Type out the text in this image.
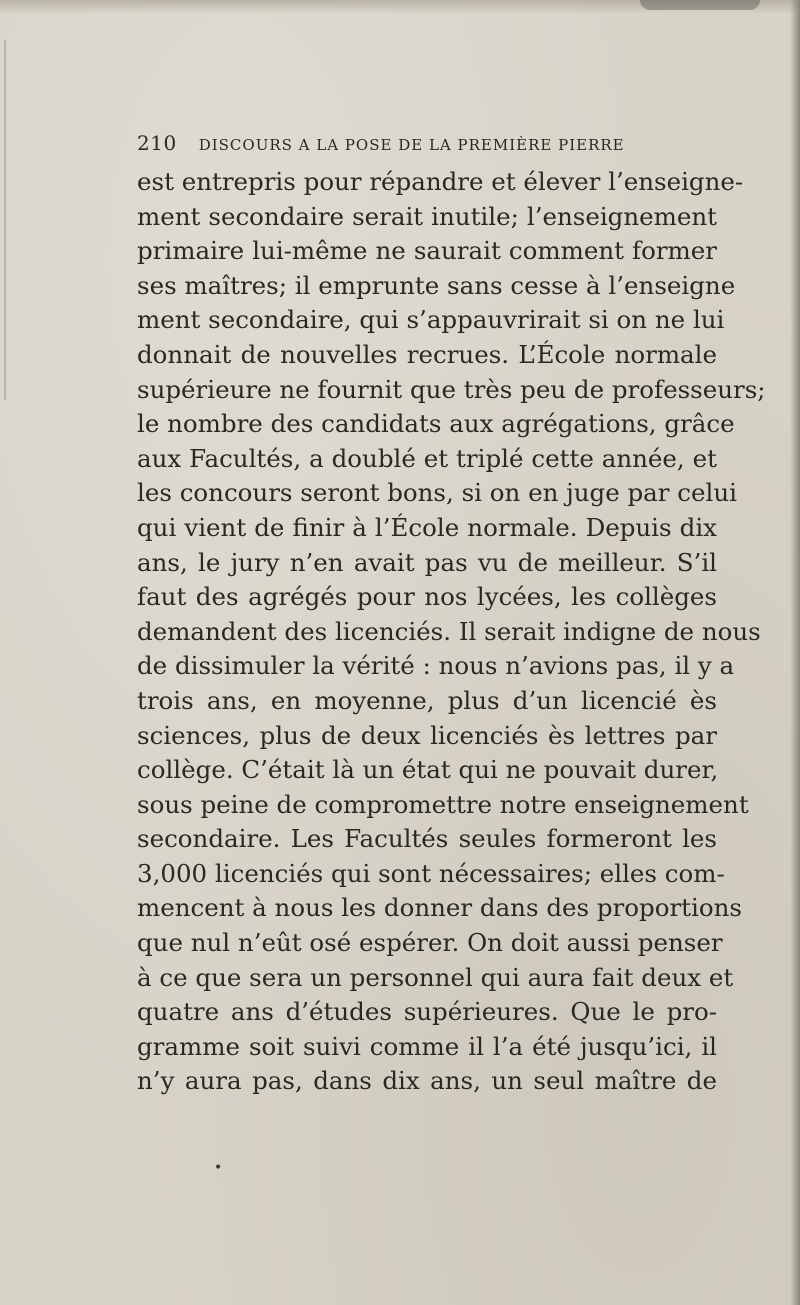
210 DISCOURS A LA POSE DE LA PREMIÈRE PIERRE
est entrepris pour répandre et élever l’enseigne-
ment secondaire serait inutile; l’enseignement
primaire lui-même ne saurait comment former
ses maîtres; il emprunte sans cesse à l’enseigne
ment secondaire, qui s’appauvrirait si on ne lui
donnait de nouvelles recrues. L’École normale
supérieure ne fournit que très peu de professeurs;
le nombre des candidats aux agrégations, grâce
aux Facultés, a doublé et triplé cette année, et
les concours seront bons, si on en juge par celui
qui vient de finir à l’École normale. Depuis dix
ans, le jury n’en avait pas vu de meilleur. S’il
faut des agrégés pour nos lycées, les collèges
demandent des licenciés. Il serait indigne de nous
de dissimuler la vérité : nous n’avions pas, il y a
trois ans, en moyenne, plus d’un licencié ès
sciences, plus de deux licenciés ès lettres par
collège. C’était là un état qui ne pouvait durer,
sous peine de compromettre notre enseignement
secondaire. Les Facultés seules formeront les
3,000 licenciés qui sont nécessaires; elles com-
mencent à nous les donner dans des proportions
que nul n’eût osé espérer. On doit aussi penser
à ce que sera un personnel qui aura fait deux et
quatre ans d’études supérieures. Que le pro-
gramme soit suivi comme il l’a été jusqu’ici, il
n’y aura pas, dans dix ans, un seul maître de
•
